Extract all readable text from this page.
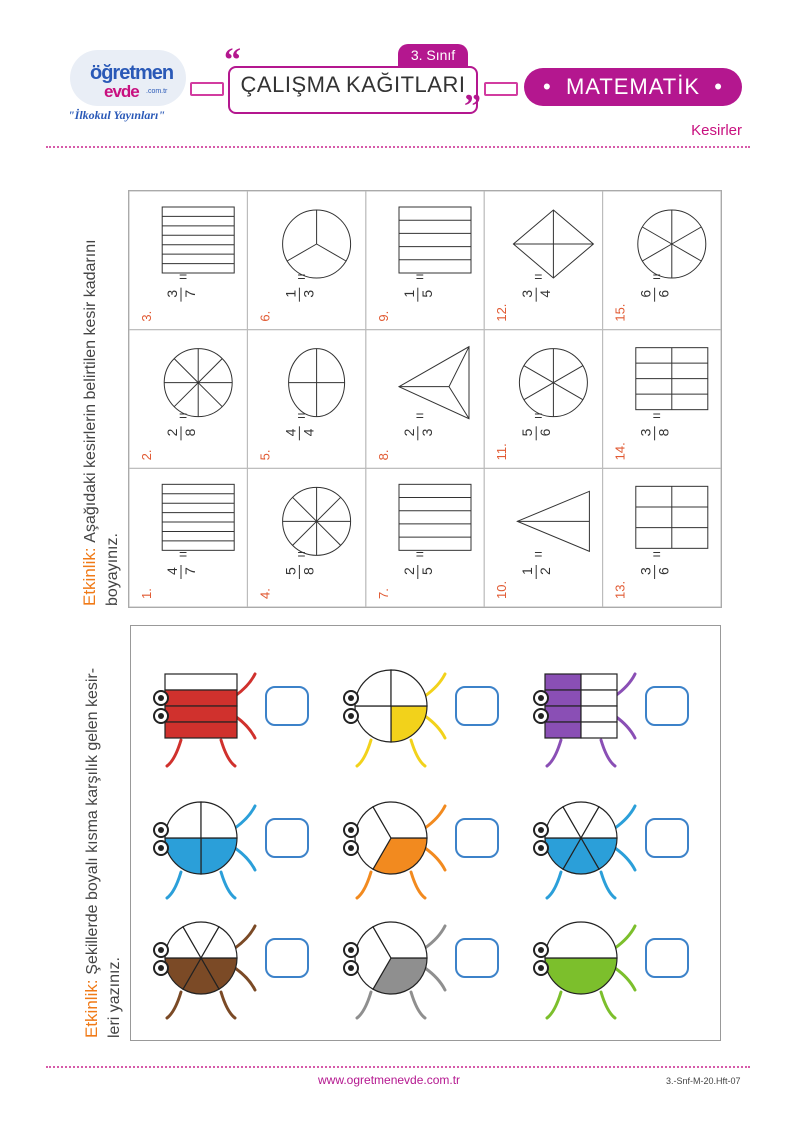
öğretmen
evde .com.tr
"İlkokul Yayınları"
3. Sınıf
“
”
ÇALIŞMA KAĞITLARI	•  MATEMATİK  •
Kesirler
Etkinlik: Aşağıdaki kesirlerin belirtilen kesir kadarını
boyayınız. 1.
4 7
=
2.
2 8
=
3.
3 7
=
4.
5 8
=
5.
4 4
=
6.
1 3
=
7.
2 5
=
8.
2 3
=
9.
1 5
=
10.
1 2
=
11.
5 6
=
12.
3 4
=
13.
3 6
=
14.
3 8
=
15.
6 6
=
Etkinlik: Şekillerde boyalı kısma karşılık gelen kesir-
leri yazınız.
www.ogretmenevde.com.tr	3.-Snf-M-20.Hft-07
